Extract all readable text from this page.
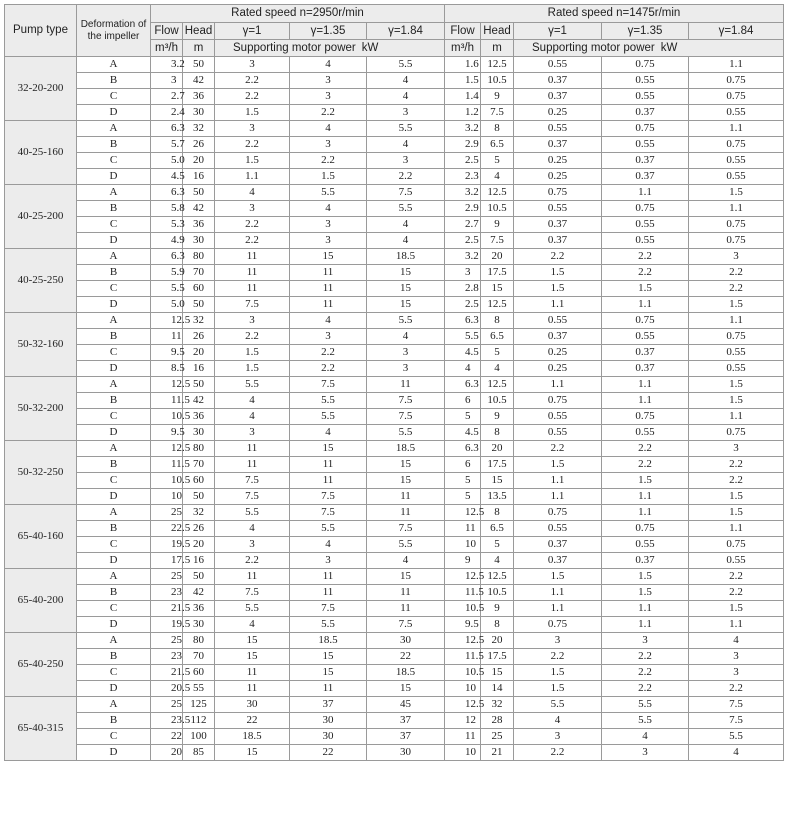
Pump type	Deformation of the impeller	Rated speed n=2950r/min					Rated speed n=1475r/min				
		Flow	Head	γ=1	γ=1.35	γ=1.84	Flow	Head	γ=1	γ=1.35	γ=1.84
		m³/h	m	Supporting motor power kW			m³/h	m	Supporting motor power kW		
32-20-200	A	3.2	50	3	4	5.5	1.6	12.5	0.55	0.75	1.1
	B	3	42	2.2	3	4	1.5	10.5	0.37	0.55	0.75
	C	2.7	36	2.2	3	4	1.4	9	0.37	0.55	0.75
	D	2.4	30	1.5	2.2	3	1.2	7.5	0.25	0.37	0.55
40-25-160	A	6.3	32	3	4	5.5	3.2	8	0.55	0.75	1.1
	B	5.7	26	2.2	3	4	2.9	6.5	0.37	0.55	0.75
	C	5.0	20	1.5	2.2	3	2.5	5	0.25	0.37	0.55
	D	4.5	16	1.1	1.5	2.2	2.3	4	0.25	0.37	0.55
40-25-200	A	6.3	50	4	5.5	7.5	3.2	12.5	0.75	1.1	1.5
	B	5.8	42	3	4	5.5	2.9	10.5	0.55	0.75	1.1
	C	5.3	36	2.2	3	4	2.7	9	0.37	0.55	0.75
	D	4.9	30	2.2	3	4	2.5	7.5	0.37	0.55	0.75
40-25-250	A	6.3	80	11	15	18.5	3.2	20	2.2	2.2	3
	B	5.9	70	11	11	15	3	17.5	1.5	2.2	2.2
	C	5.5	60	11	11	15	2.8	15	1.5	1.5	2.2
	D	5.0	50	7.5	11	15	2.5	12.5	1.1	1.1	1.5
50-32-160	A	12.5	32	3	4	5.5	6.3	8	0.55	0.75	1.1
	B	11	26	2.2	3	4	5.5	6.5	0.37	0.55	0.75
	C	9.5	20	1.5	2.2	3	4.5	5	0.25	0.37	0.55
	D	8.5	16	1.5	2.2	3	4	4	0.25	0.37	0.55
50-32-200	A	12.5	50	5.5	7.5	11	6.3	12.5	1.1	1.1	1.5
	B	11.5	42	4	5.5	7.5	6	10.5	0.75	1.1	1.5
	C	10.5	36	4	5.5	7.5	5	9	0.55	0.75	1.1
	D	9.5	30	3	4	5.5	4.5	8	0.55	0.55	0.75
50-32-250	A	12.5	80	11	15	18.5	6.3	20	2.2	2.2	3
	B	11.5	70	11	11	15	6	17.5	1.5	2.2	2.2
	C	10.5	60	7.5	11	15	5	15	1.1	1.5	2.2
	D	10	50	7.5	7.5	11	5	13.5	1.1	1.1	1.5
65-40-160	A	25	32	5.5	7.5	11	12.5	8	0.75	1.1	1.5
	B	22.5	26	4	5.5	7.5	11	6.5	0.55	0.75	1.1
	C	19.5	20	3	4	5.5	10	5	0.37	0.55	0.75
	D	17.5	16	2.2	3	4	9	4	0.37	0.37	0.55
65-40-200	A	25	50	11	11	15	12.5	12.5	1.5	1.5	2.2
	B	23	42	7.5	11	11	11.5	10.5	1.1	1.5	2.2
	C	21.5	36	5.5	7.5	11	10.5	9	1.1	1.1	1.5
	D	19.5	30	4	5.5	7.5	9.5	8	0.75	1.1	1.1
65-40-250	A	25	80	15	18.5	30	12.5	20	3	3	4
	B	23	70	15	15	22	11.5	17.5	2.2	2.2	3
	C	21.5	60	11	15	18.5	10.5	15	1.5	2.2	3
	D	20.5	55	11	11	15	10	14	1.5	2.2	2.2
65-40-315	A	25	125	30	37	45	12.5	32	5.5	5.5	7.5
	B	23.5	112	22	30	37	12	28	4	5.5	7.5
	C	22	100	18.5	30	37	11	25	3	4	5.5
	D	20	85	15	22	30	10	21	2.2	3	4
